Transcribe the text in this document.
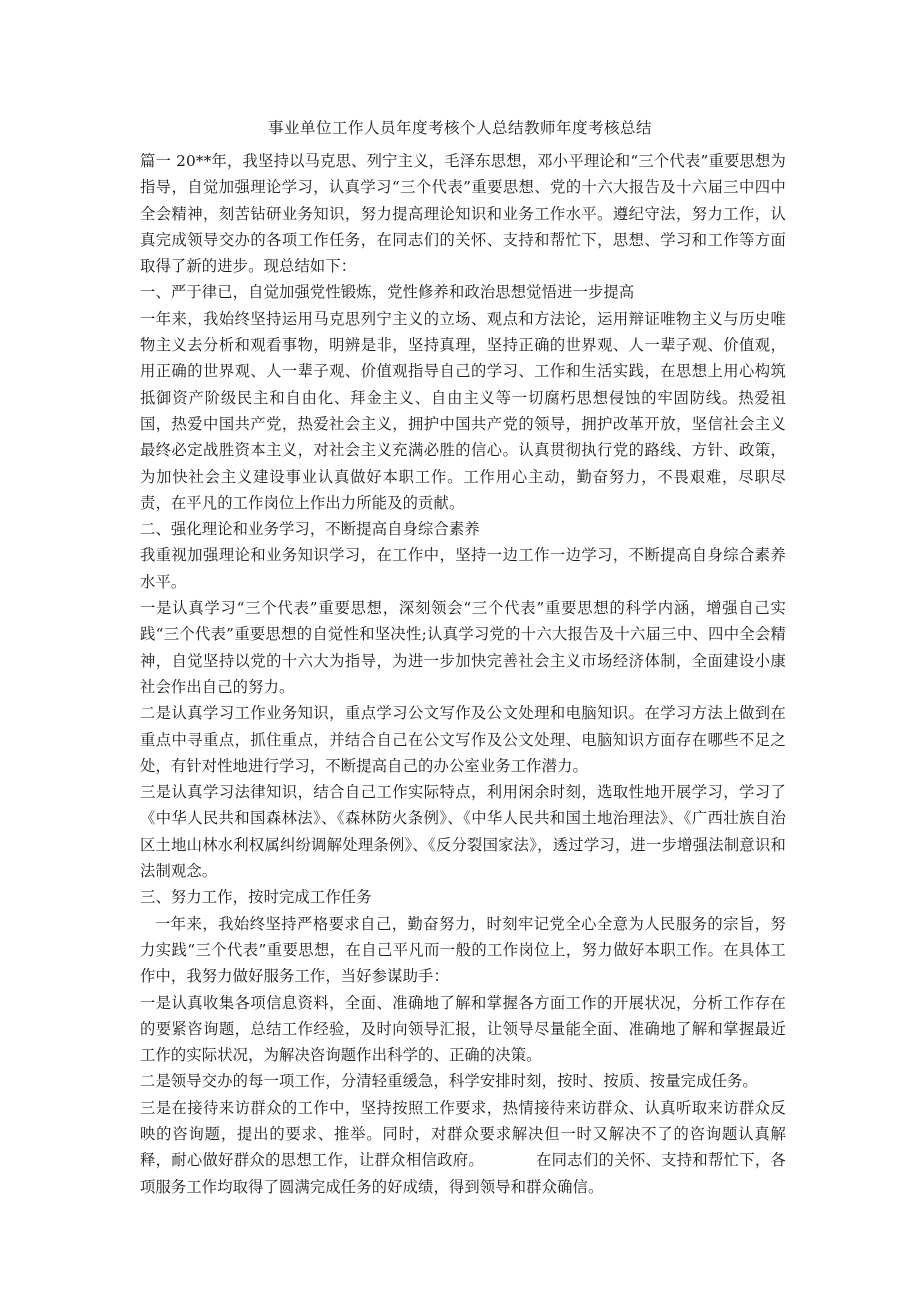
事业单位工作人员年度考核个人总结教师年度考核总结

篇一 20**年，我坚持以马克思、列宁主义，毛泽东思想，邓小平理论和“三个代表”重要思想为指导，自觉加强理论学习，认真学习“三个代表”重要思想、党的十六大报告及十六届三中四中全会精神，刻苦钻研业务知识，努力提高理论知识和业务工作水平。遵纪守法，努力工作，认真完成领导交办的各项工作任务，在同志们的关怀、支持和帮忙下，思想、学习和工作等方面取得了新的进步。现总结如下：

一、严于律已，自觉加强党性锻炼，党性修养和政治思想觉悟进一步提高

一年来，我始终坚持运用马克思列宁主义的立场、观点和方法论，运用辩证唯物主义与历史唯物主义去分析和观看事物，明辨是非，坚持真理，坚持正确的世界观、人一辈子观、价值观，用正确的世界观、人一辈子观、价值观指导自己的学习、工作和生活实践，在思想上用心构筑抵御资产阶级民主和自由化、拜金主义、自由主义等一切腐朽思想侵蚀的牢固防线。热爱祖国，热爱中国共产党，热爱社会主义，拥护中国共产党的领导，拥护改革开放，坚信社会主义最终必定战胜资本主义，对社会主义充满必胜的信心。认真贯彻执行党的路线、方针、政策，为加快社会主义建设事业认真做好本职工作。工作用心主动，勤奋努力，不畏艰难，尽职尽责，在平凡的工作岗位上作出力所能及的贡献。

二、强化理论和业务学习，不断提高自身综合素养

我重视加强理论和业务知识学习，在工作中，坚持一边工作一边学习，不断提高自身综合素养水平。

一是认真学习“三个代表”重要思想，深刻领会“三个代表”重要思想的科学内涵，增强自己实践“三个代表”重要思想的自觉性和坚决性;认真学习党的十六大报告及十六届三中、四中全会精神，自觉坚持以党的十六大为指导，为进一步加快完善社会主义市场经济体制，全面建设小康社会作出自己的努力。

二是认真学习工作业务知识，重点学习公文写作及公文处理和电脑知识。在学习方法上做到在重点中寻重点，抓住重点，并结合自己在公文写作及公文处理、电脑知识方面存在哪些不足之处，有针对性地进行学习，不断提高自己的办公室业务工作潜力。

三是认真学习法律知识，结合自己工作实际特点，利用闲余时刻，选取性地开展学习，学习了《中华人民共和国森林法》、《森林防火条例》、《中华人民共和国土地治理法》、《广西壮族自治区土地山林水利权属纠纷调解处理条例》、《反分裂国家法》，透过学习，进一步增强法制意识和法制观念。

三、努力工作，按时完成工作任务

一年来，我始终坚持严格要求自己，勤奋努力，时刻牢记党全心全意为人民服务的宗旨，努力实践“三个代表”重要思想，在自己平凡而一般的工作岗位上，努力做好本职工作。在具体工作中，我努力做好服务工作，当好参谋助手：

一是认真收集各项信息资料，全面、准确地了解和掌握各方面工作的开展状况，分析工作存在的要紧咨询题，总结工作经验，及时向领导汇报，让领导尽量能全面、准确地了解和掌握最近工作的实际状况，为解决咨询题作出科学的、正确的决策。

二是领导交办的每一项工作，分清轻重缓急，科学安排时刻，按时、按质、按量完成任务。

三是在接待来访群众的工作中，坚持按照工作要求，热情接待来访群众、认真听取来访群众反映的咨询题，提出的要求、推举。同时，对群众要求解决但一时又解决不了的咨询题认真解释，耐心做好群众的思想工作，让群众相信政府。          在同志们的关怀、支持和帮忙下，各项服务工作均取得了圆满完成任务的好成绩，得到领导和群众确信。
